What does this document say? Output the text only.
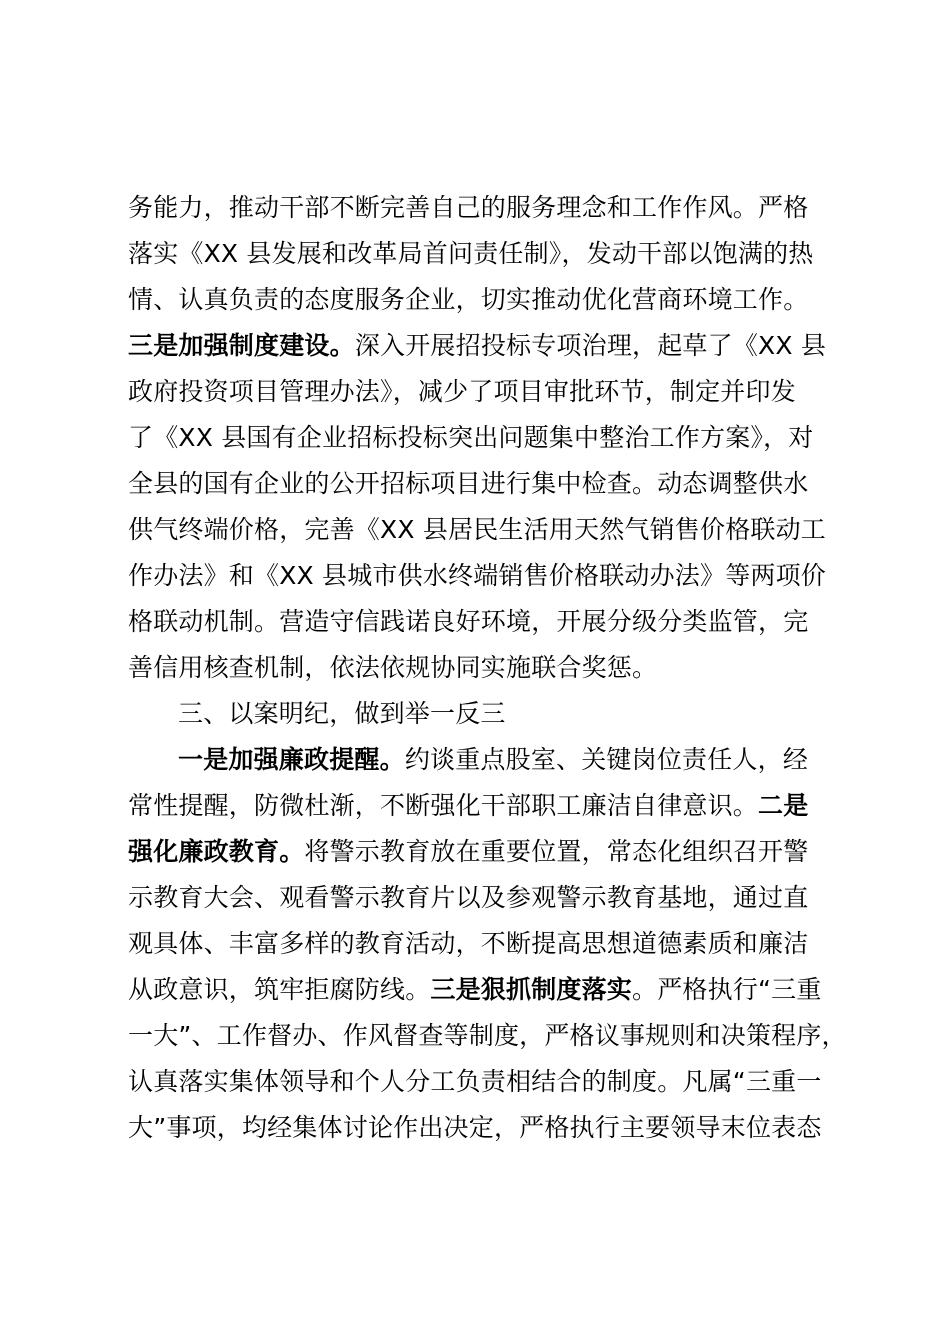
务能力，推动干部不断完善自己的服务理念和工作作风。严格
落实《XX 县发展和改革局首问责任制》，发动干部以饱满的热
情、认真负责的态度服务企业，切实推动优化营商环境工作。
三是加强制度建设。深入开展招投标专项治理，起草了《XX 县
政府投资项目管理办法》，减少了项目审批环节，制定并印发
了《XX 县国有企业招标投标突出问题集中整治工作方案》，对
全县的国有企业的公开招标项目进行集中检查。动态调整供水
供气终端价格，完善《XX 县居民生活用天然气销售价格联动工
作办法》和《XX 县城市供水终端销售价格联动办法》等两项价
格联动机制。营造守信践诺良好环境，开展分级分类监管，完
善信用核查机制，依法依规协同实施联合奖惩。
三、以案明纪，做到举一反三
一是加强廉政提醒。约谈重点股室、关键岗位责任人，经
常性提醒，防微杜渐，不断强化干部职工廉洁自律意识。二是
强化廉政教育。将警示教育放在重要位置，常态化组织召开警
示教育大会、观看警示教育片以及参观警示教育基地，通过直
观具体、丰富多样的教育活动，不断提高思想道德素质和廉洁
从政意识，筑牢拒腐防线。三是狠抓制度落实。严格执行“三重
一大”、工作督办、作风督查等制度，严格议事规则和决策程序，
认真落实集体领导和个人分工负责相结合的制度。凡属“三重一
大”事项，均经集体讨论作出决定，严格执行主要领导末位表态
